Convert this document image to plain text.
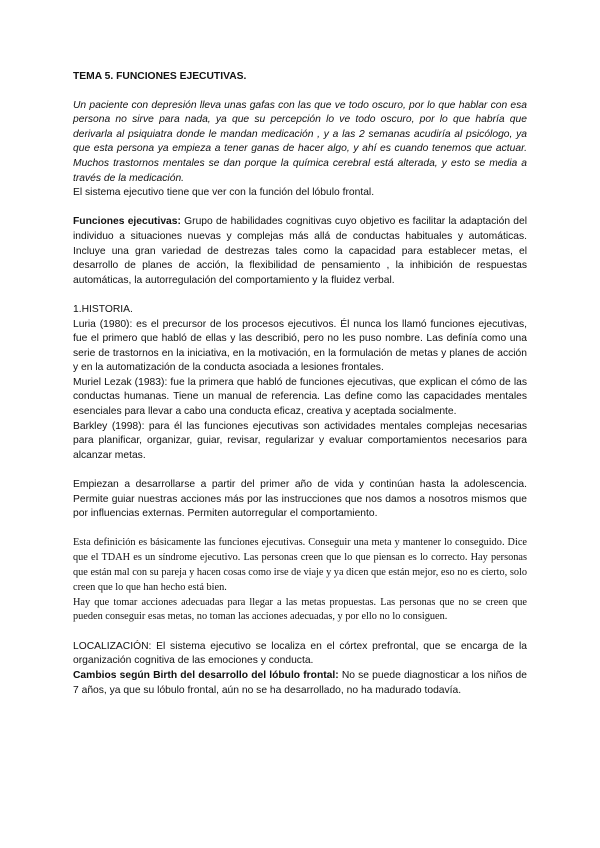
TEMA 5. FUNCIONES EJECUTIVAS.

Un paciente con depresión lleva unas gafas con las que ve todo oscuro, por lo que hablar con esa persona no sirve para nada, ya que su percepción lo ve todo oscuro, por lo que habría que derivarla al psiquiatra donde le mandan medicación , y a las 2 semanas acudiría al psicólogo, ya que esta persona ya empieza a tener ganas de hacer algo, y ahí es cuando tenemos que actuar. Muchos trastornos mentales se dan porque la química cerebral está alterada, y esto se media a través de la medicación.

El sistema ejecutivo tiene que ver con la función del lóbulo frontal.

Funciones ejecutivas: Grupo de habilidades cognitivas cuyo objetivo es facilitar la adaptación del individuo a situaciones nuevas y complejas más allá de conductas habituales y automáticas. Incluye una gran variedad de destrezas tales como la capacidad para establecer metas, el desarrollo de planes de acción, la flexibilidad de pensamiento , la inhibición de respuestas automáticas, la autorregulación del comportamiento y la fluidez verbal.

1.HISTORIA.

Luria (1980): es el precursor de los procesos ejecutivos. Él nunca los llamó funciones ejecutivas, fue el primero que habló de ellas y las describió, pero no les puso nombre. Las definía como una serie de trastornos en la iniciativa, en la motivación, en la formulación de metas y planes de acción y en la automatización de la conducta asociada a lesiones frontales.

Muriel Lezak (1983): fue la primera que habló de funciones ejecutivas, que explican el cómo de las conductas humanas. Tiene un manual de referencia. Las define como las capacidades mentales esenciales para llevar a cabo una conducta eficaz, creativa y aceptada socialmente.

Barkley (1998): para él las funciones ejecutivas son actividades mentales complejas necesarias para planificar, organizar, guiar, revisar, regularizar y evaluar comportamientos necesarios para alcanzar metas.

Empiezan a desarrollarse a partir del primer año de vida y continúan hasta la adolescencia. Permite guiar nuestras acciones más por las instrucciones que nos damos a nosotros mismos que por influencias externas. Permiten autorregular el comportamiento.

Esta definición es básicamente las funciones ejecutivas. Conseguir una meta y mantener lo conseguido. Dice que el TDAH es un síndrome ejecutivo. Las personas creen que lo que piensan es lo correcto. Hay personas que están mal con su pareja y hacen cosas como irse de viaje y ya dicen que están mejor, eso no es cierto, solo creen que lo que han hecho está bien.

Hay que tomar acciones adecuadas para llegar a las metas propuestas. Las personas que no se creen que pueden conseguir esas metas, no toman las acciones adecuadas, y por ello no lo consiguen.

LOCALIZACIÓN: El sistema ejecutivo se localiza en el córtex prefrontal, que se encarga de la organización cognitiva de las emociones y conducta.

Cambios según Birth del desarrollo del lóbulo frontal: No se puede diagnosticar a los niños de 7 años, ya que su lóbulo frontal, aún no se ha desarrollado, no ha madurado todavía.
